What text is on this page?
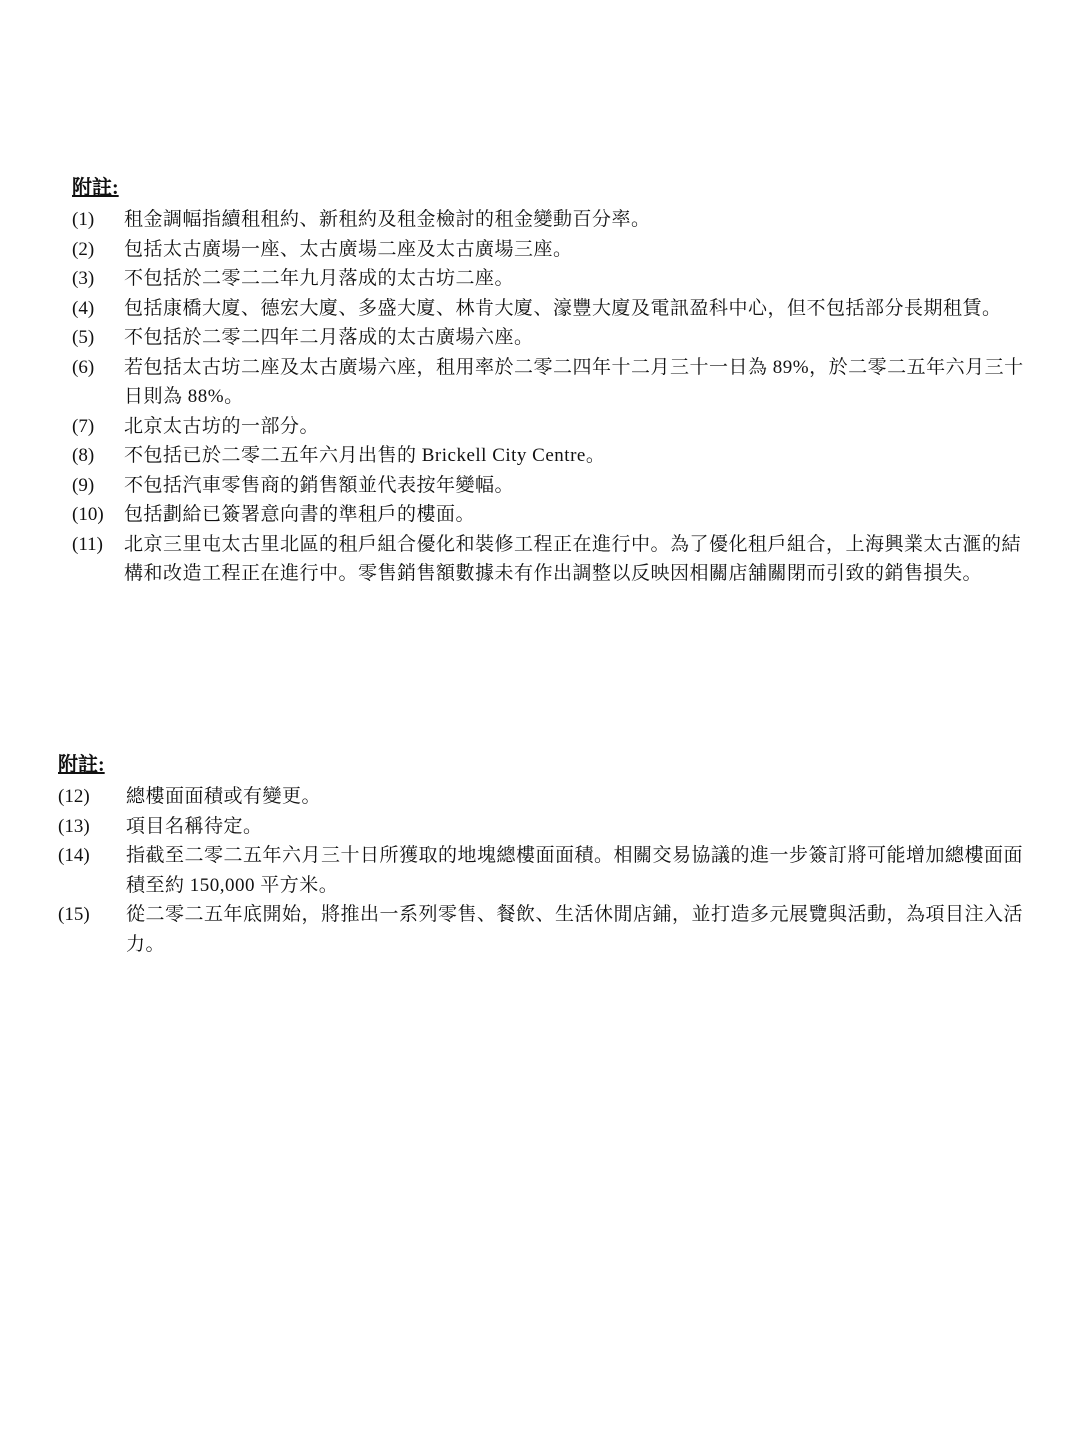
附註:
(1)	租金調幅指續租租約、新租約及租金檢討的租金變動百分率。
(2)	包括太古廣場一座、太古廣場二座及太古廣場三座。
(3)	不包括於二零二二年九月落成的太古坊二座。
(4)	包括康橋大廈、德宏大廈、多盛大廈、林肯大廈、濠豐大廈及電訊盈科中心，但不包括部分長期租賃。
(5)	不包括於二零二四年二月落成的太古廣場六座。
(6)	若包括太古坊二座及太古廣場六座，租用率於二零二四年十二月三十一日為 89%，於二零二五年六月三十日則為 88%。
(7)	北京太古坊的一部分。
(8)	不包括已於二零二五年六月出售的 Brickell City Centre。
(9)	不包括汽車零售商的銷售額並代表按年變幅。
(10)	包括劃給已簽署意向書的準租戶的樓面。
(11)	北京三里屯太古里北區的租戶組合優化和裝修工程正在進行中。為了優化租戶組合，上海興業太古滙的結構和改造工程正在進行中。零售銷售額數據未有作出調整以反映因相關店舖關閉而引致的銷售損失。
附註:
(12)	總樓面面積或有變更。
(13)	項目名稱待定。
(14)	指截至二零二五年六月三十日所獲取的地塊總樓面面積。相關交易協議的進一步簽訂將可能增加總樓面面積至約 150,000 平方米。
(15)	從二零二五年底開始，將推出一系列零售、餐飲、生活休閒店鋪，並打造多元展覽與活動，為項目注入活力。
